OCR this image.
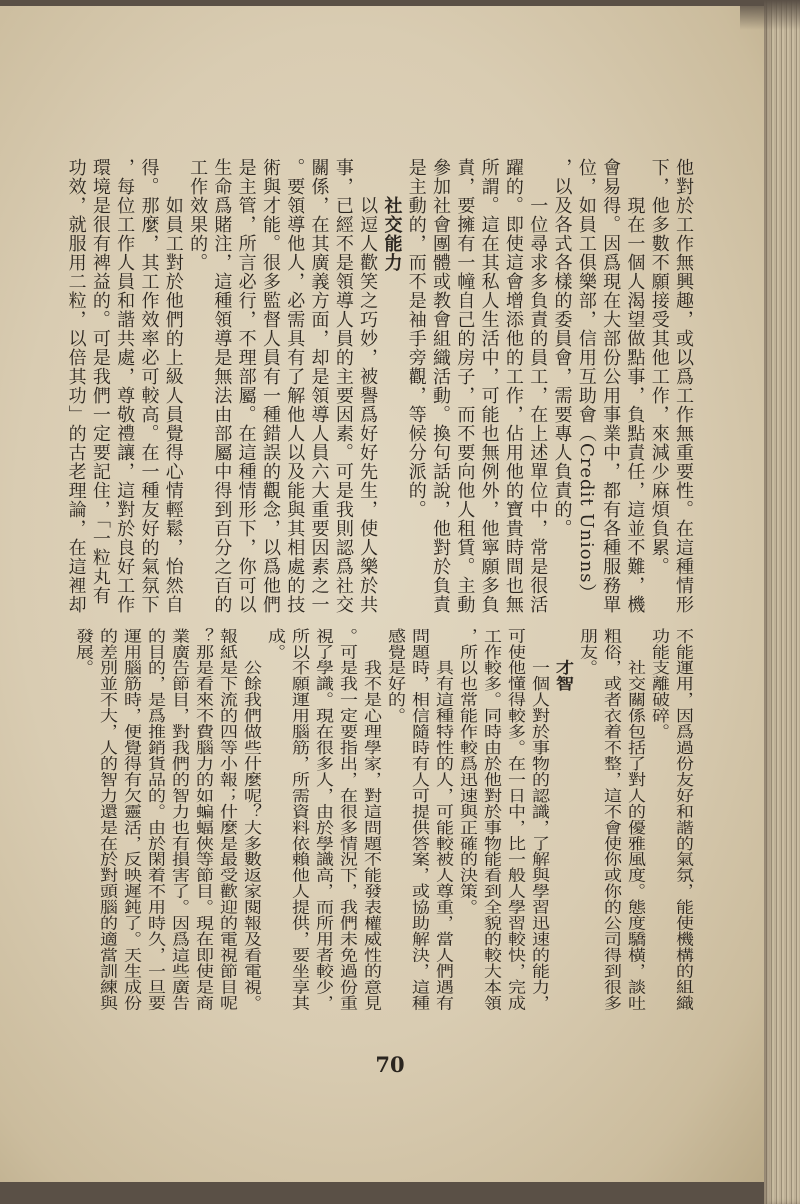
他對於工作無興趣，或以爲工作無重要性。在這種情形
下，他多數不願接受其他工作，來減少麻煩負累。
現在一個人渴望做點事，負點責任，這並不難，機
會易得。因爲現在大部份公用事業中，都有各種服務單
位，如員工俱樂部，信用互助會（Credit Unions）
，以及各式各樣的委員會，需要專人負責的。
一位尋求多負責的員工，在上述單位中，常是很活
躍的。即使這會增添他的工作，佔用他的寶貴時間也無
所謂。這在其私人生活中，可能也無例外，他寧願多負
責，要擁有一幢自己的房子，而不要向他人租賃。主動
參加社會團體或教會組織活動。換句話說，他對於負責
是主動的，而不是袖手旁觀，等候分派的。
社交能力
以逗人歡笑之巧妙，被譽爲好好先生，使人樂於共
事，已經不是領導人員的主要因素。可是我則認爲社交
關係，在其廣義方面，却是領導人員六大重要因素之一
。要領導他人，必需具有了解他人以及能與其相處的技
術與才能。很多監督人員有一種錯誤的觀念，以爲他們
是主管，所言必行，不理部屬。在這種情形下，你可以
生命爲賭注，這種領導是無法由部屬中得到百分之百的
工作效果的。
如員工對於他們的上級人員覺得心情輕鬆，怡然自
得。那麼，其工作效率必可較高。在一種友好的氣氛下
，每位工作人員和諧共處，尊敬禮讓，這對於良好工作
環境是很有裨益的。可是我們一定要記住，「一粒丸有
功效，就服用二粒，以倍其功」的古老理論，在這裡却
不能運用，因爲過份友好和諧的氣氛，能使機構的組織
功能支離破碎。
社交關係包括了對人的優雅風度。態度驕橫，談吐
粗俗，或者衣着不整，這不會使你或你的公司得到很多
朋友。
才智
一個人對於事物的認識，了解與學習迅速的能力，
可使他懂得較多。在一日中，比一般人學習較快，完成
工作較多。同時由於他對於事物能看到全貌的較大本領
，所以也常能作較爲迅速與正確的決策。
具有這種特性的人，可能較被人尊重，當人們遇有
問題時，相信隨時有人可提供答案，或協助解決，這種
感覺是好的。
我不是心理學家，對這問題不能發表權威性的意見
。可是我一定要指出，在很多情況下，我們未免過份重
視了學識。現在很多人，由於學識高，而所用者較少，
所以不願運用腦筋，所需資料依賴他人提供，要坐享其
成。
公餘我們做些什麼呢？大多數返家閱報及看電視。
報紙是下流的四等小報；什麼是最受歡迎的電視節目呢
？那是看來不費腦力的如蝙蝠俠等節目。現在即使是商
業廣告節目，對我們的智力也有損害了。因爲這些廣告
的目的，是爲推銷貨品的。由於閑着不用時久，一旦要
運用腦筋時，便覺得有欠靈活，反映遲鈍了。天生成份
的差別並不大，人的智力還是在於對頭腦的適當訓練與
發展。
70
